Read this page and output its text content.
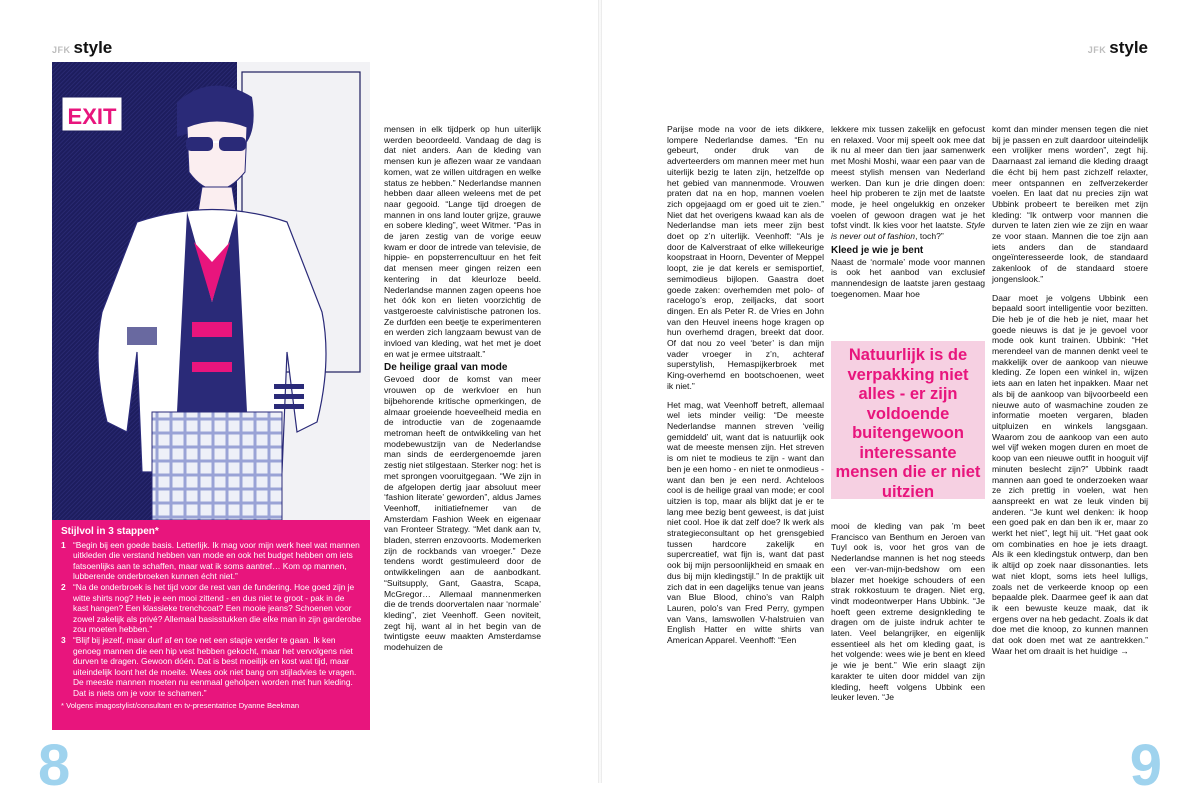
JFK style	JFK style
EXIT
Stijlvol in 3 stappen*
1 “Begin bij een goede basis. Letterlijk. Ik mag voor mijn werk heel wat mannen uitkleden die verstand hebben van mode en ook het budget hebben om iets fatsoenlijks aan te schaffen, maar wat ik soms aantref… Kom op mannen, lubberende onderbroeken kunnen écht niet.”
2 “Na de onderbroek is het tijd voor de rest van de fundering. Hoe goed zijn je witte shirts nog? Heb je een mooi zittend - en dus niet te groot - pak in de kast hangen? Een klassieke trenchcoat? Een mooie jeans? Schoenen voor zowel zakelijk als privé? Allemaal basisstukken die elke man in zijn garderobe zou moeten hebben.”
3 “Blijf bij jezelf, maar durf af en toe net een stapje verder te gaan. Ik ken genoeg mannen die een hip vest hebben gekocht, maar het vervolgens niet durven te dragen. Gewoon dóén. Dat is best moeilijk en kost wat tijd, maar uiteindelijk loont het de moeite. Wees ook niet bang om stijladvies te vragen. De meeste mannen moeten nu eenmaal geholpen worden met hun kleding. Dat is niets om je voor te schamen.”
* Volgens imagostylist/consultant en tv-presentatrice Dyanne Beekman

mensen in elk tijdperk op hun uiterlijk werden beoordeeld. Vandaag de dag is dat niet anders. Aan de kleding van mensen kun je aflezen waar ze vandaan komen, wat ze willen uitdragen en welke status ze hebben.” Nederlandse mannen hebben daar alleen weleens met de pet naar gegooid. “Lange tijd droegen de mannen in ons land louter grijze, grauwe en sobere kleding”, weet Witmer. “Pas in de jaren zestig van de vorige eeuw kwam er door de intrede van televisie, de hippie- en popsterrencultuur en het feit dat mensen meer gingen reizen een kentering in dat kleurloze beeld. Nederlandse mannen zagen opeens hoe het óók kon en lieten voorzichtig de vastgeroeste calvinistische patronen los. Ze durfden een beetje te experimenteren en werden zich langzaam bewust van de invloed van kleding, wat het met je doet en wat je ermee uitstraalt.”

De heilige graal van mode

Gevoed door de komst van meer vrouwen op de werkvloer en hun bijbehorende kritische opmerkingen, de almaar groeiende hoeveelheid media en de introductie van de zogenaamde metroman heeft de ontwikkeling van het modebewustzijn van de Nederlandse man sinds de eerdergenoemde jaren zestig niet stilgestaan. Sterker nog: het is met sprongen vooruitgegaan. “We zijn in de afgelopen dertig jaar absoluut meer ‘fashion literate’ geworden”, aldus James Veenhoff, initiatiefnemer van de Amsterdam Fashion Week en eigenaar van Fronteer Strategy. “Met dank aan tv, bladen, sterren enzovoorts. Modemerken zijn de rockbands van vroeger.” Deze tendens wordt gestimuleerd door de ontwikkelingen aan de aanbodkant. “Suitsupply, Gant, Gaastra, Scapa, McGregor… Allemaal mannenmerken die de trends doorvertalen naar ‘normale’ kleding”, ziet Veenhoff. Geen noviteit, zegt hij, want al in het begin van de twintigste eeuw maakten Amsterdamse modehuizen de

Parijse mode na voor de iets dikkere, lompere Nederlandse dames. “En nu gebeurt, onder druk van de adverteerders om mannen meer met hun uiterlijk bezig te laten zijn, hetzelfde op het gebied van mannenmode. Vrouwen praten dat na en hop, mannen voelen zich opgejaagd om er goed uit te zien.” Niet dat het overigens kwaad kan als de Nederlandse man iets meer zijn best doet op z’n uiterlijk. Veenhoff: “Als je door de Kalverstraat of elke willekeurige koopstraat in Hoorn, Deventer of Meppel loopt, zie je dat kerels er semisportief, semimodieus bijlopen. Gaastra doet goede zaken: overhemden met polo- of racelogo’s erop, zeiljacks, dat soort dingen. En als Peter R. de Vries en John van den Heuvel ineens hoge kragen op hun overhemd dragen, breekt dat door. Of dat nou zo veel ‘beter’ is dan mijn vader vroeger in z’n, achteraf superstylish, Hemaspijkerbroek met King-overhemd en bootschoenen, weet ik niet.”

Het mag, wat Veenhoff betreft, allemaal wel iets minder veilig: “De meeste Nederlandse mannen streven ‘veilig gemiddeld’ uit, want dat is natuurlijk ook wat de meeste mensen zijn. Het streven is om niet te modieus te zijn - want dan ben je een homo - en niet te onmodieus - want dan ben je een nerd. Achteloos cool is de heilige graal van mode; er cool uitzien is top, maar als blijkt dat je er te lang mee bezig bent geweest, is dat juist niet cool. Hoe ik dat zelf doe? Ik werk als strategieconsultant op het grensgebied tussen hardcore zakelijk en supercreatief, wat fijn is, want dat past ook bij mijn persoonlijkheid en smaak en dus bij mijn kledingstijl.” In de praktijk uit zich dat in een dagelijks tenue van jeans van Blue Blood, chino’s van Ralph Lauren, polo’s van Fred Perry, gympen van Vans, lamswollen V-halstruien van English Hatter en witte shirts van American Apparel. Veenhoff: “Een

lekkere mix tussen zakelijk en gefocust en relaxed. Voor mij speelt ook mee dat ik nu al meer dan tien jaar samenwerk met Moshi Moshi, waar een paar van de meest stylish mensen van Nederland werken. Dan kun je drie dingen doen: heel hip proberen te zijn met de laatste mode, je heel ongelukkig en onzeker voelen of gewoon dragen wat je het tofst vindt. Ik kies voor het laatste. Style is never out of fashion, toch?”

Kleed je wie je bent

Naast de ‘normale’ mode voor mannen is ook het aanbod van exclusief mannendesign de laatste jaren gestaag toegenomen. Maar hoe

Natuurlijk is de verpakking niet alles - er zijn voldoende buitengewoon interessante mensen die er niet uitzien

mooi de kleding van pak ’m beet Francisco van Benthum en Jeroen van Tuyl ook is, voor het gros van de Nederlandse mannen is het nog steeds een ver-van-mijn-bedshow om een blazer met hoekige schouders of een strak rokkostuum te dragen. Niet erg, vindt modeontwerper Hans Ubbink. “Je hoeft geen extreme designkleding te dragen om de juiste indruk achter te laten. Veel belangrijker, en eigenlijk essentieel als het om kleding gaat, is het volgende: wees wie je bent en kleed je wie je bent.” Wie erin slaagt zijn karakter te uiten door middel van zijn kleding, heeft volgens Ubbink een leuker leven. “Je

komt dan minder mensen tegen die niet bij je passen en zult daardoor uiteindelijk een vrolijker mens worden”, zegt hij. Daarnaast zal iemand die kleding draagt die écht bij hem past zichzelf relaxter, meer ontspannen en zelfverzekerder voelen. En laat dat nu precies zijn wat Ubbink probeert te bereiken met zijn kleding: “Ik ontwerp voor mannen die durven te laten zien wie ze zijn en waar ze voor staan. Mannen die toe zijn aan iets anders dan de standaard ongeïnteresseerde look, de standaard zakenlook of de standaard stoere jongenslook.”

Daar moet je volgens Ubbink een bepaald soort intelligentie voor bezitten. Die heb je of die heb je niet, maar het goede nieuws is dat je je gevoel voor mode ook kunt trainen. Ubbink: “Het merendeel van de mannen denkt veel te makkelijk over de aankoop van nieuwe kleding. Ze lopen een winkel in, wijzen iets aan en laten het inpakken. Maar net als bij de aankoop van bijvoorbeeld een nieuwe auto of wasmachine zouden ze informatie moeten vergaren, bladen uitpluizen en winkels langsgaan. Waarom zou de aankoop van een auto wel vijf weken mogen duren en moet de koop van een nieuwe outfit in hooguit vijf minuten beslecht zijn?” Ubbink raadt mannen aan goed te onderzoeken waar ze zich prettig in voelen, wat hen aanspreekt en wat ze leuk vinden bij anderen. “Je kunt wel denken: ik hoop een goed pak en dan ben ik er, maar zo werkt het niet”, legt hij uit. “Het gaat ook om combinaties en hoe je iets draagt. Als ik een kledingstuk ontwerp, dan ben ik altijd op zoek naar dissonanties. Iets wat niet klopt, soms iets heel lulligs, zoals net de verkeerde knoop op een bepaalde plek. Daarmee geef ik aan dat ik een bewuste keuze maak, dat ik ergens over na heb gedacht. Zoals ik dat doe met die knoop, zo kunnen mannen dat ook doen met wat ze aantrekken.” Waar het om draait is het huidige →

8	9
